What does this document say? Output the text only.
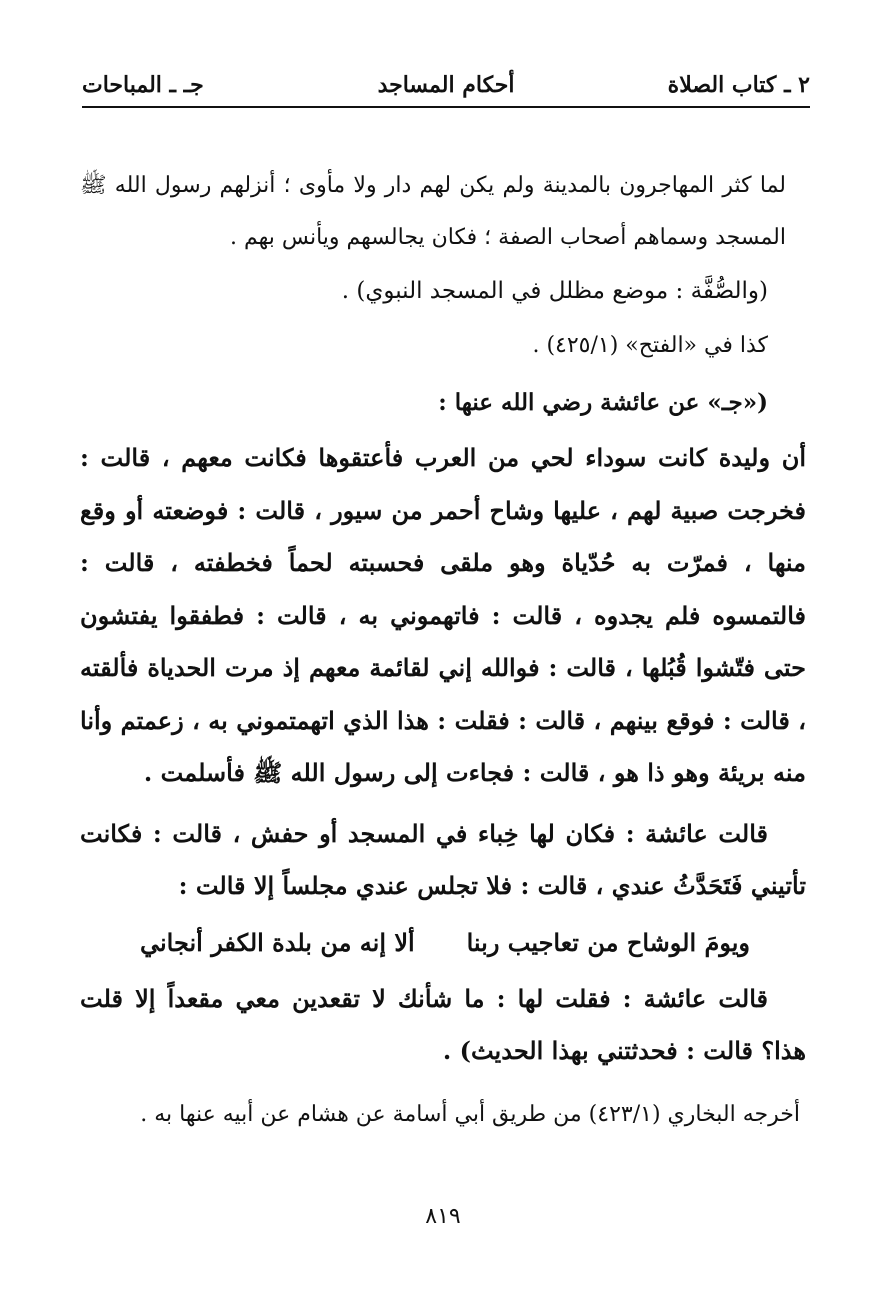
٢ ـ كتاب الصلاة
أحكام المساجد
جـ ـ المباحات

لما كثر المهاجرون بالمدينة ولم يكن لهم دار ولا مأوى ؛ أنزلهم رسول الله ﷺ المسجد وسماهم أصحاب الصفة ؛ فكان يجالسهم ويأنس بهم .

(والصُّفَّة : موضع مظلل في المسجد النبوي) .

كذا في «الفتح» (٤٢٥/١) .

(«جـ» عن عائشة رضي الله عنها :

أن وليدة كانت سوداء لحي من العرب فأعتقوها فكانت معهم ، قالت : فخرجت صبية لهم ، عليها وشاح أحمر من سيور ، قالت : فوضعته أو وقع منها ، فمرّت به حُدّياة وهو ملقى فحسبته لحماً فخطفته ، قالت : فالتمسوه فلم يجدوه ، قالت : فاتهموني به ، قالت : فطفقوا يفتشون حتى فتّشوا قُبُلها ، قالت : فوالله إني لقائمة معهم إذ مرت الحدياة فألقته ، قالت : فوقع بينهم ، قالت : فقلت : هذا الذي اتهمتموني به ، زعمتم وأنا منه بريئة وهو ذا هو ، قالت : فجاءت إلى رسول الله ﷺ فأسلمت .

قالت عائشة : فكان لها خِباء في المسجد أو حفش ، قالت : فكانت تأتيني فَتَحَدَّثُ عندي ، قالت : فلا تجلس عندي مجلساً إلا قالت :

ويومَ الوشاح من تعاجيب ربنا
ألا إنه من بلدة الكفر أنجاني

قالت عائشة : فقلت لها : ما شأنك لا تقعدين معي مقعداً إلا قلت هذا؟ قالت : فحدثتني بهذا الحديث) .

أخرجه البخاري (٤٢٣/١) من طريق أبي أسامة عن هشام عن أبيه عنها به .

٨١٩
